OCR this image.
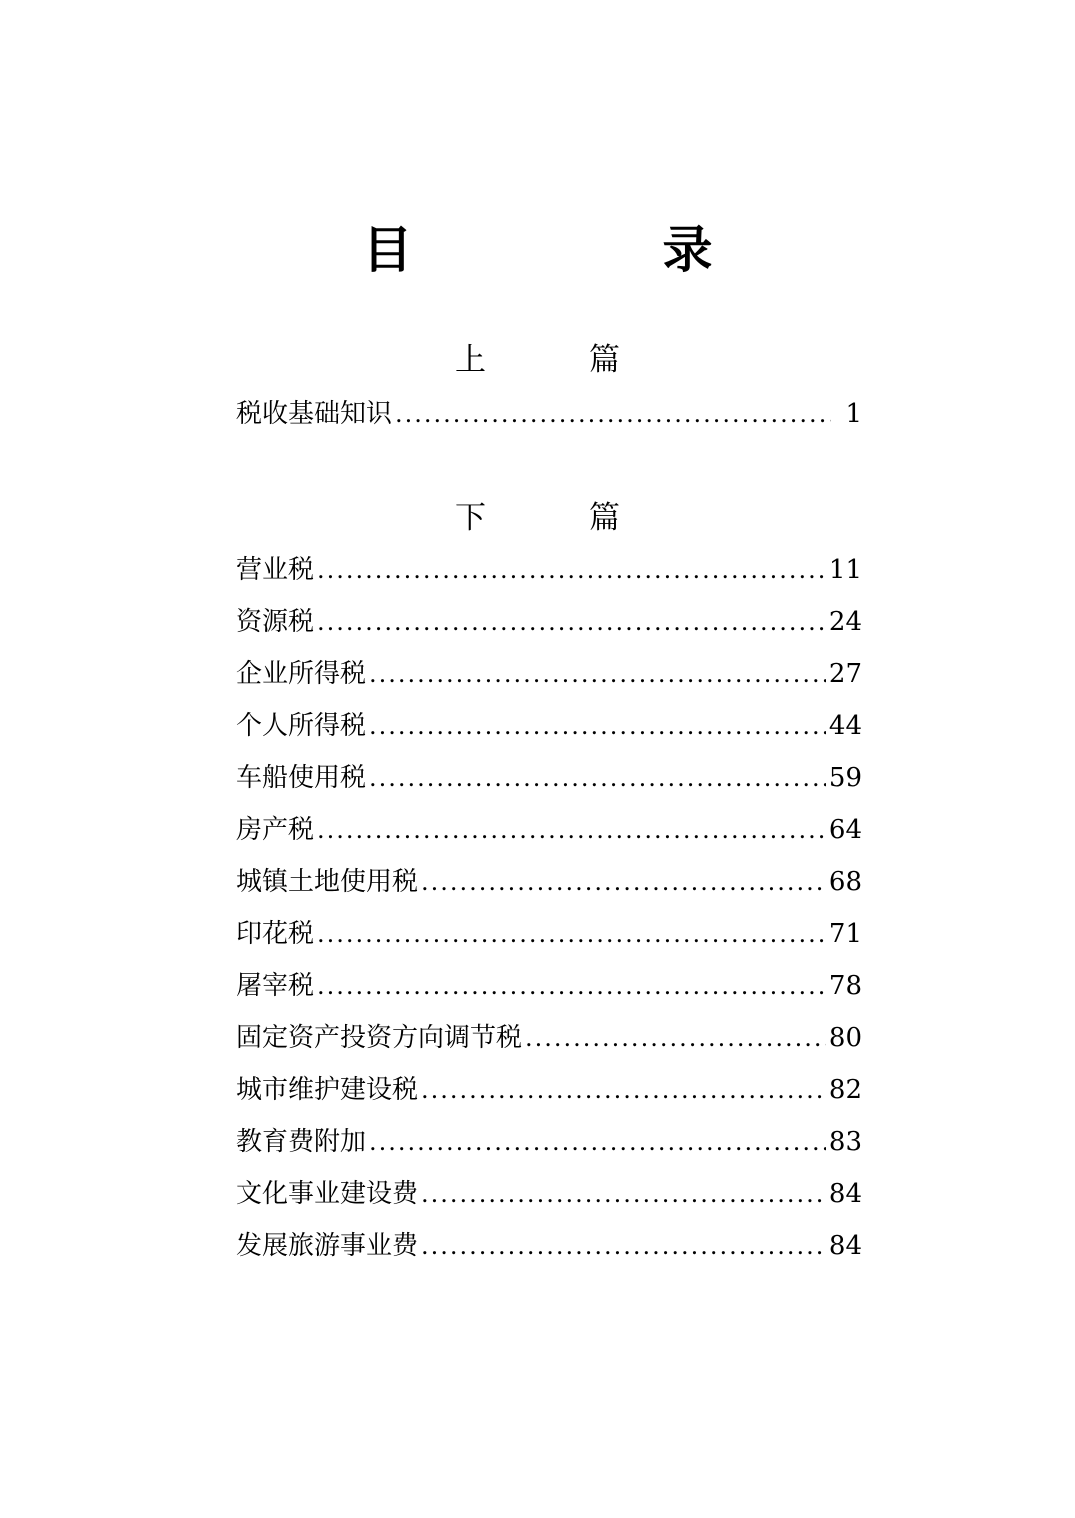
目　录
上　篇
税收基础知识 .....	1
下　篇
营业税 .....	11
资源税 .....	24
企业所得税 .....	27
个人所得税 .....	44
车船使用税 .....	59
房产税 .....	64
城镇土地使用税 .....	68
印花税 .....	71
屠宰税 .....	78
固定资产投资方向调节税 .....	80
城市维护建设税 .....	82
教育费附加 .....	83
文化事业建设费 .....	84
发展旅游事业费 .....	84
